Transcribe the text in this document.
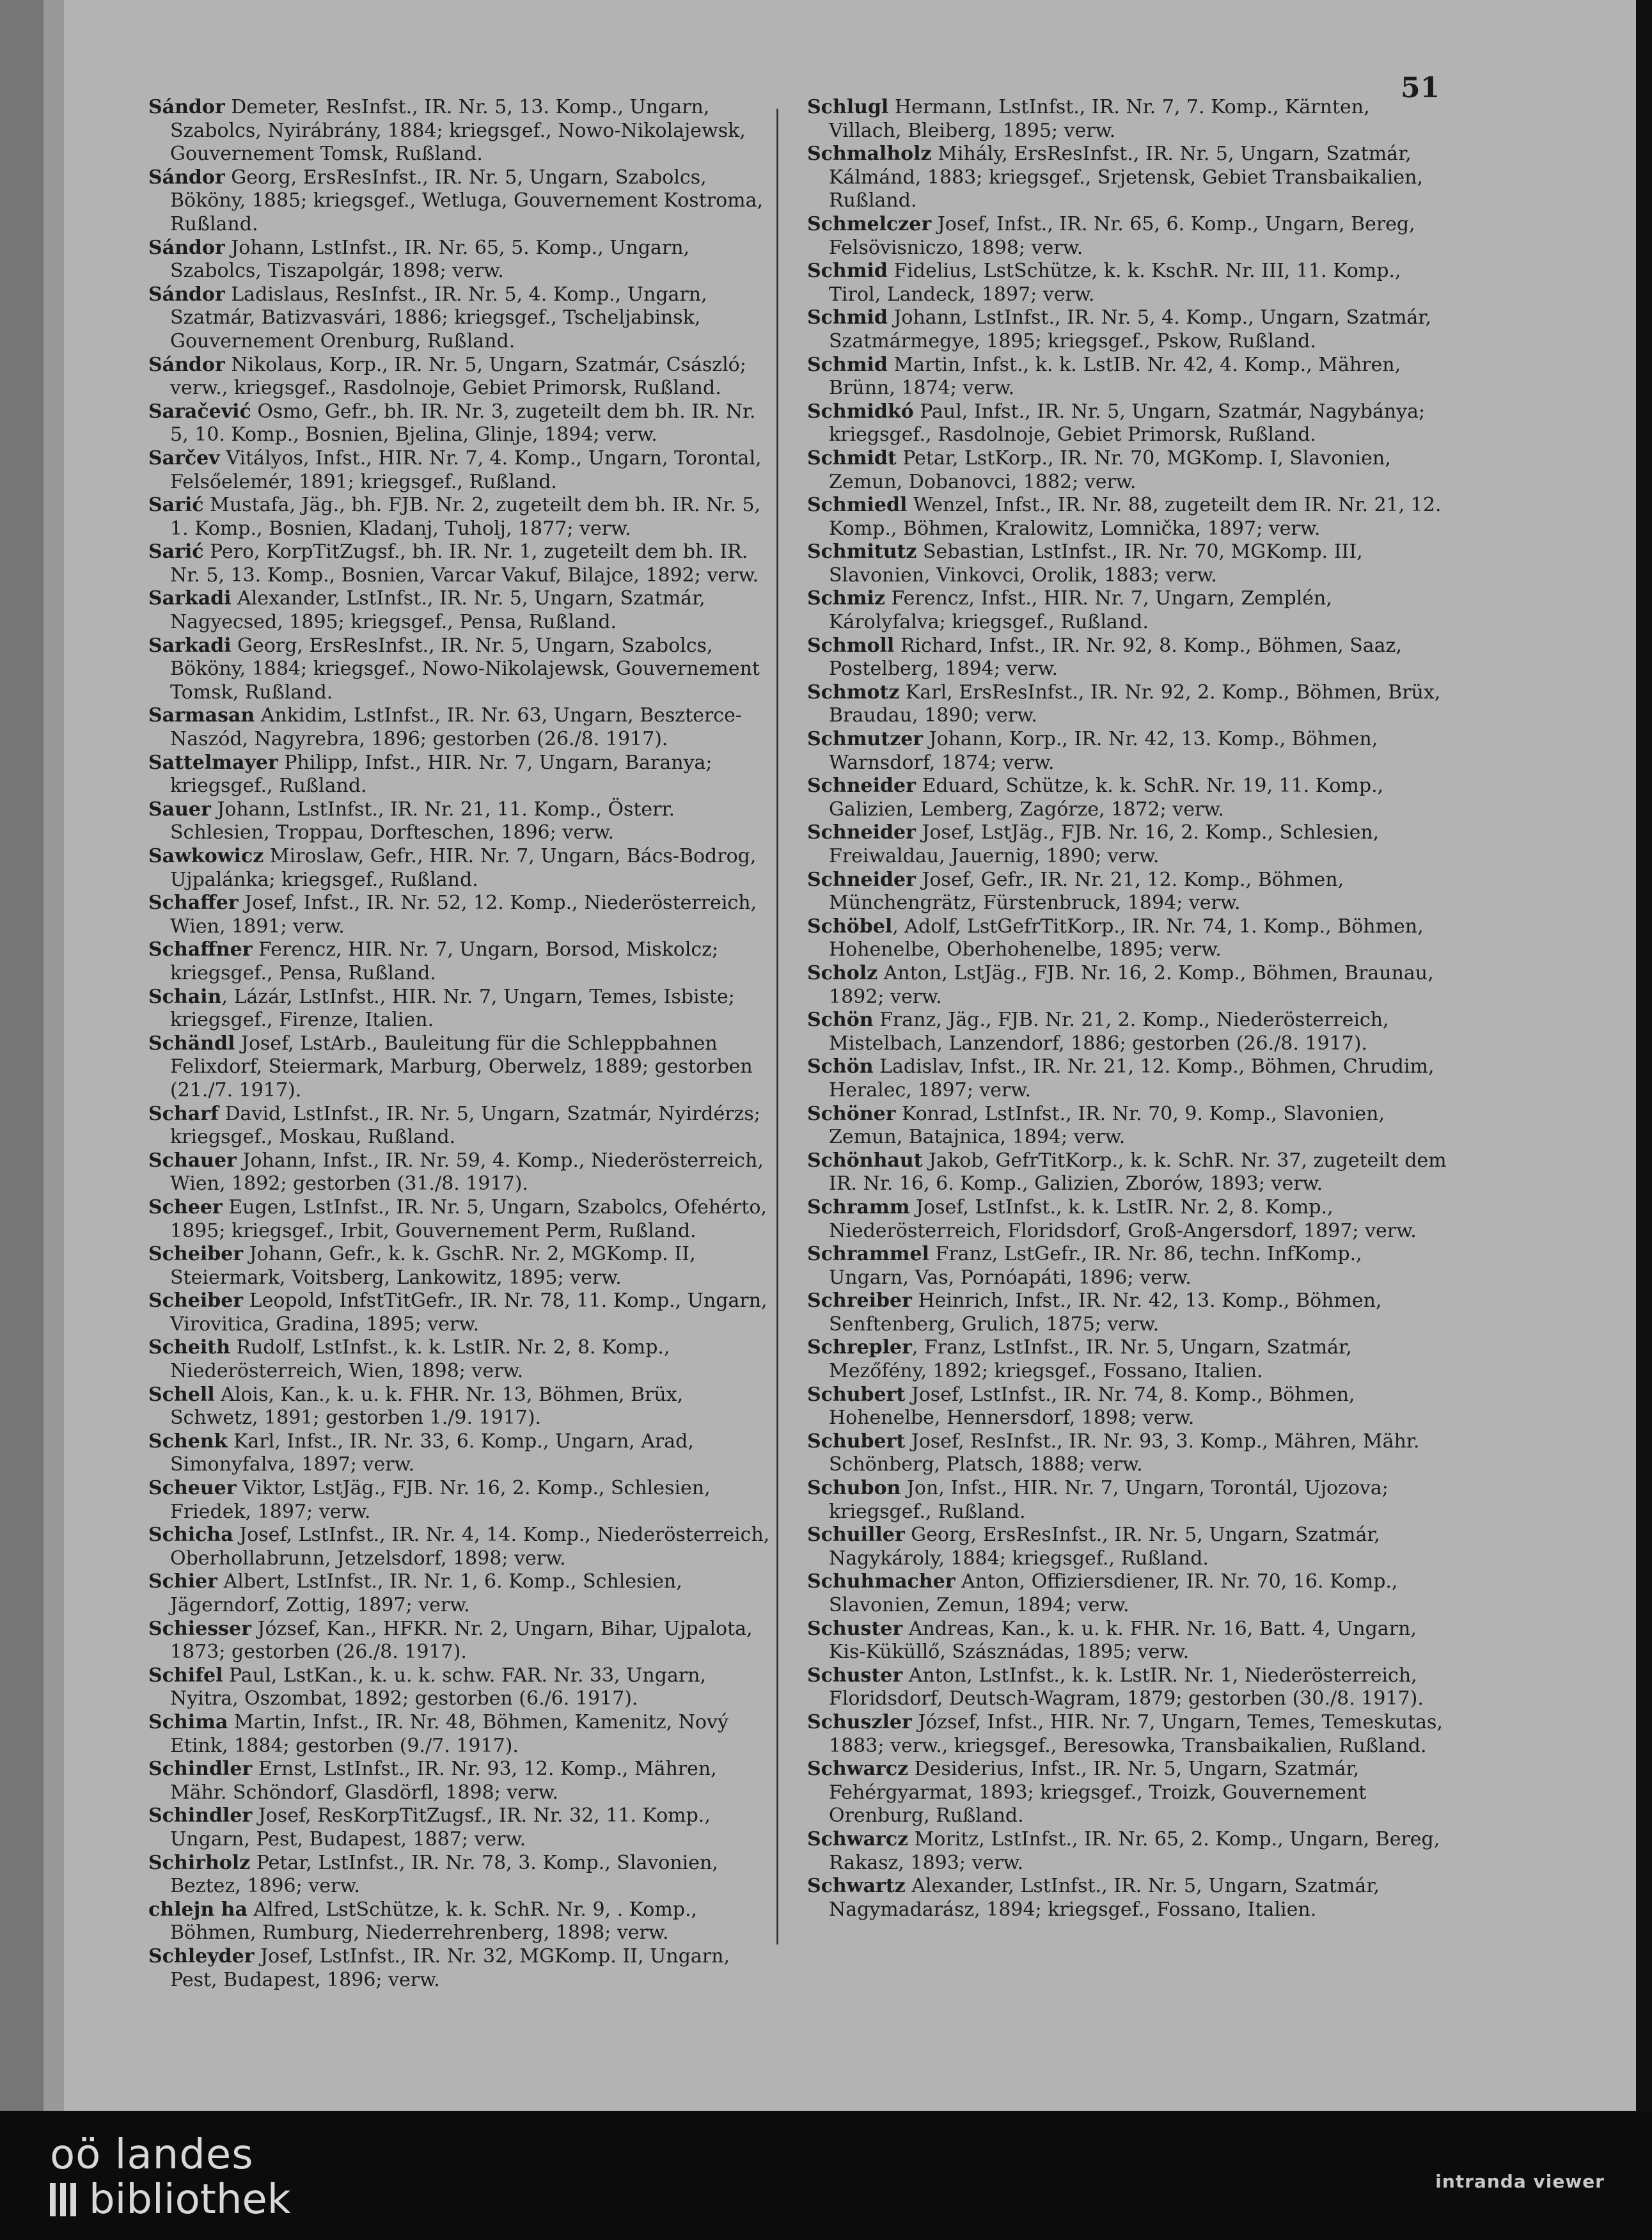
51

Sándor Demeter, ResInfst., IR. Nr. 5, 13. Komp., Ungarn, Szabolcs, Nyirábrány, 1884; kriegsgef., Nowo-Nikolajewsk, Gouvernement Tomsk, Rußland.

Sándor Georg, ErsResInfst., IR. Nr. 5, Ungarn, Szabolcs, Bököny, 1885; kriegsgef., Wetluga, Gouvernement Kostroma, Rußland.

Sándor Johann, LstInfst., IR. Nr. 65, 5. Komp., Ungarn, Szabolcs, Tiszapolgár, 1898; verw.

Sándor Ladislaus, ResInfst., IR. Nr. 5, 4. Komp., Ungarn, Szatmár, Batizvasvári, 1886; kriegsgef., Tscheljabinsk, Gouvernement Orenburg, Rußland.

Sándor Nikolaus, Korp., IR. Nr. 5, Ungarn, Szatmár, Császló; verw., kriegsgef., Rasdolnoje, Gebiet Primorsk, Rußland.

Saračević Osmo, Gefr., bh. IR. Nr. 3, zugeteilt dem bh. IR. Nr. 5, 10. Komp., Bosnien, Bjelina, Glinje, 1894; verw.

Sarčev Vitályos, Infst., HIR. Nr. 7, 4. Komp., Ungarn, Torontal, Felsőelemér, 1891; kriegsgef., Rußland.

Sarić Mustafa, Jäg., bh. FJB. Nr. 2, zugeteilt dem bh. IR. Nr. 5, 1. Komp., Bosnien, Kladanj, Tuholj, 1877; verw.

Sarić Pero, KorpTitZugsf., bh. IR. Nr. 1, zugeteilt dem bh. IR. Nr. 5, 13. Komp., Bosnien, Varcar Vakuf, Bilajce, 1892; verw.

Sarkadi Alexander, LstInfst., IR. Nr. 5, Ungarn, Szatmár, Nagyecsed, 1895; kriegsgef., Pensa, Rußland.

Sarkadi Georg, ErsResInfst., IR. Nr. 5, Ungarn, Szabolcs, Bököny, 1884; kriegsgef., Nowo-Nikolajewsk, Gouvernement Tomsk, Rußland.

Sarmasan Ankidim, LstInfst., IR. Nr. 63, Ungarn, Beszterce-Naszód, Nagyrebra, 1896; gestorben (26./8. 1917).

Sattelmayer Philipp, Infst., HIR. Nr. 7, Ungarn, Baranya; kriegsgef., Rußland.

Sauer Johann, LstInfst., IR. Nr. 21, 11. Komp., Österr. Schlesien, Troppau, Dorfteschen, 1896; verw.

Sawkowicz Miroslaw, Gefr., HIR. Nr. 7, Ungarn, Bács-Bodrog, Ujpalánka; kriegsgef., Rußland.

Schaffer Josef, Infst., IR. Nr. 52, 12. Komp., Niederösterreich, Wien, 1891; verw.

Schaffner Ferencz, HIR. Nr. 7, Ungarn, Borsod, Miskolcz; kriegsgef., Pensa, Rußland.

Schain, Lázár, LstInfst., HIR. Nr. 7, Ungarn, Temes, Isbiste; kriegsgef., Firenze, Italien.

Schändl Josef, LstArb., Bauleitung für die Schleppbahnen Felixdorf, Steiermark, Marburg, Oberwelz, 1889; gestorben (21./7. 1917).

Scharf David, LstInfst., IR. Nr. 5, Ungarn, Szatmár, Nyirdérzs; kriegsgef., Moskau, Rußland.

Schauer Johann, Infst., IR. Nr. 59, 4. Komp., Niederösterreich, Wien, 1892; gestorben (31./8. 1917).

Scheer Eugen, LstInfst., IR. Nr. 5, Ungarn, Szabolcs, Ofehérto, 1895; kriegsgef., Irbit, Gouvernement Perm, Rußland.

Scheiber Johann, Gefr., k. k. GschR. Nr. 2, MGKomp. II, Steiermark, Voitsberg, Lankowitz, 1895; verw.

Scheiber Leopold, InfstTitGefr., IR. Nr. 78, 11. Komp., Ungarn, Virovitica, Gradina, 1895; verw.

Scheith Rudolf, LstInfst., k. k. LstIR. Nr. 2, 8. Komp., Niederösterreich, Wien, 1898; verw.

Schell Alois, Kan., k. u. k. FHR. Nr. 13, Böhmen, Brüx, Schwetz, 1891; gestorben 1./9. 1917).

Schenk Karl, Infst., IR. Nr. 33, 6. Komp., Ungarn, Arad, Simonyfalva, 1897; verw.

Scheuer Viktor, LstJäg., FJB. Nr. 16, 2. Komp., Schlesien, Friedek, 1897; verw.

Schicha Josef, LstInfst., IR. Nr. 4, 14. Komp., Niederösterreich, Oberhollabrunn, Jetzelsdorf, 1898; verw.

Schier Albert, LstInfst., IR. Nr. 1, 6. Komp., Schlesien, Jägerndorf, Zottig, 1897; verw.

Schiesser József, Kan., HFKR. Nr. 2, Ungarn, Bihar, Ujpalota, 1873; gestorben (26./8. 1917).

Schifel Paul, LstKan., k. u. k. schw. FAR. Nr. 33, Ungarn, Nyitra, Oszombat, 1892; gestorben (6./6. 1917).

Schima Martin, Infst., IR. Nr. 48, Böhmen, Kamenitz, Nový Etink, 1884; gestorben (9./7. 1917).

Schindler Ernst, LstInfst., IR. Nr. 93, 12. Komp., Mähren, Mähr. Schöndorf, Glasdörfl, 1898; verw.

Schindler Josef, ResKorpTitZugsf., IR. Nr. 32, 11. Komp., Ungarn, Pest, Budapest, 1887; verw.

Schirholz Petar, LstInfst., IR. Nr. 78, 3. Komp., Slavonien, Beztez, 1896; verw.

chlejn ha Alfred, LstSchütze, k. k. SchR. Nr. 9, . Komp., Böhmen, Rumburg, Niederrehrenberg, 1898; verw.

Schleyder Josef, LstInfst., IR. Nr. 32, MGKomp. II, Ungarn, Pest, Budapest, 1896; verw.

Schlugl Hermann, LstInfst., IR. Nr. 7, 7. Komp., Kärnten, Villach, Bleiberg, 1895; verw.

Schmalholz Mihály, ErsResInfst., IR. Nr. 5, Ungarn, Szatmár, Kálmánd, 1883; kriegsgef., Srjetensk, Gebiet Transbaikalien, Rußland.

Schmelczer Josef, Infst., IR. Nr. 65, 6. Komp., Ungarn, Bereg, Felsövisniczo, 1898; verw.

Schmid Fidelius, LstSchütze, k. k. KschR. Nr. III, 11. Komp., Tirol, Landeck, 1897; verw.

Schmid Johann, LstInfst., IR. Nr. 5, 4. Komp., Ungarn, Szatmár, Szatmármegye, 1895; kriegsgef., Pskow, Rußland.

Schmid Martin, Infst., k. k. LstIB. Nr. 42, 4. Komp., Mähren, Brünn, 1874; verw.

Schmidkó Paul, Infst., IR. Nr. 5, Ungarn, Szatmár, Nagybánya; kriegsgef., Rasdolnoje, Gebiet Primorsk, Rußland.

Schmidt Petar, LstKorp., IR. Nr. 70, MGKomp. I, Slavonien, Zemun, Dobanovci, 1882; verw.

Schmiedl Wenzel, Infst., IR. Nr. 88, zugeteilt dem IR. Nr. 21, 12. Komp., Böhmen, Kralowitz, Lomnička, 1897; verw.

Schmitutz Sebastian, LstInfst., IR. Nr. 70, MGKomp. III, Slavonien, Vinkovci, Orolik, 1883; verw.

Schmiz Ferencz, Infst., HIR. Nr. 7, Ungarn, Zemplén, Károlyfalva; kriegsgef., Rußland.

Schmoll Richard, Infst., IR. Nr. 92, 8. Komp., Böhmen, Saaz, Postelberg, 1894; verw.

Schmotz Karl, ErsResInfst., IR. Nr. 92, 2. Komp., Böhmen, Brüx, Braudau, 1890; verw.

Schmutzer Johann, Korp., IR. Nr. 42, 13. Komp., Böhmen, Warnsdorf, 1874; verw.

Schneider Eduard, Schütze, k. k. SchR. Nr. 19, 11. Komp., Galizien, Lemberg, Zagórze, 1872; verw.

Schneider Josef, LstJäg., FJB. Nr. 16, 2. Komp., Schlesien, Freiwaldau, Jauernig, 1890; verw.

Schneider Josef, Gefr., IR. Nr. 21, 12. Komp., Böhmen, Münchengrätz, Fürstenbruck, 1894; verw.

Schöbel, Adolf, LstGefrTitKorp., IR. Nr. 74, 1. Komp., Böhmen, Hohenelbe, Oberhohenelbe, 1895; verw.

Scholz Anton, LstJäg., FJB. Nr. 16, 2. Komp., Böhmen, Braunau, 1892; verw.

Schön Franz, Jäg., FJB. Nr. 21, 2. Komp., Niederösterreich, Mistelbach, Lanzendorf, 1886; gestorben (26./8. 1917).

Schön Ladislav, Infst., IR. Nr. 21, 12. Komp., Böhmen, Chrudim, Heralec, 1897; verw.

Schöner Konrad, LstInfst., IR. Nr. 70, 9. Komp., Slavonien, Zemun, Batajnica, 1894; verw.

Schönhaut Jakob, GefrTitKorp., k. k. SchR. Nr. 37, zugeteilt dem IR. Nr. 16, 6. Komp., Galizien, Zborów, 1893; verw.

Schramm Josef, LstInfst., k. k. LstIR. Nr. 2, 8. Komp., Niederösterreich, Floridsdorf, Groß-Angersdorf, 1897; verw.

Schrammel Franz, LstGefr., IR. Nr. 86, techn. InfKomp., Ungarn, Vas, Pornóapáti, 1896; verw.

Schreiber Heinrich, Infst., IR. Nr. 42, 13. Komp., Böhmen, Senftenberg, Grulich, 1875; verw.

Schrepler, Franz, LstInfst., IR. Nr. 5, Ungarn, Szatmár, Mezőfény, 1892; kriegsgef., Fossano, Italien.

Schubert Josef, LstInfst., IR. Nr. 74, 8. Komp., Böhmen, Hohenelbe, Hennersdorf, 1898; verw.

Schubert Josef, ResInfst., IR. Nr. 93, 3. Komp., Mähren, Mähr. Schönberg, Platsch, 1888; verw.

Schubon Jon, Infst., HIR. Nr. 7, Ungarn, Torontál, Ujozova; kriegsgef., Rußland.

Schuiller Georg, ErsResInfst., IR. Nr. 5, Ungarn, Szatmár, Nagykároly, 1884; kriegsgef., Rußland.

Schuhmacher Anton, Offiziersdiener, IR. Nr. 70, 16. Komp., Slavonien, Zemun, 1894; verw.

Schuster Andreas, Kan., k. u. k. FHR. Nr. 16, Batt. 4, Ungarn, Kis-Küküllő, Szásznádas, 1895; verw.

Schuster Anton, LstInfst., k. k. LstIR. Nr. 1, Niederösterreich, Floridsdorf, Deutsch-Wagram, 1879; gestorben (30./8. 1917).

Schuszler József, Infst., HIR. Nr. 7, Ungarn, Temes, Temeskutas, 1883; verw., kriegsgef., Beresowka, Transbaikalien, Rußland.

Schwarcz Desiderius, Infst., IR. Nr. 5, Ungarn, Szatmár, Fehérgyarmat, 1893; kriegsgef., Troizk, Gouvernement Orenburg, Rußland.

Schwarcz Moritz, LstInfst., IR. Nr. 65, 2. Komp., Ungarn, Bereg, Rakasz, 1893; verw.

Schwartz Alexander, LstInfst., IR. Nr. 5, Ungarn, Szatmár, Nagymadarász, 1894; kriegsgef., Fossano, Italien.

oö landes
bibliothek	intranda viewer
